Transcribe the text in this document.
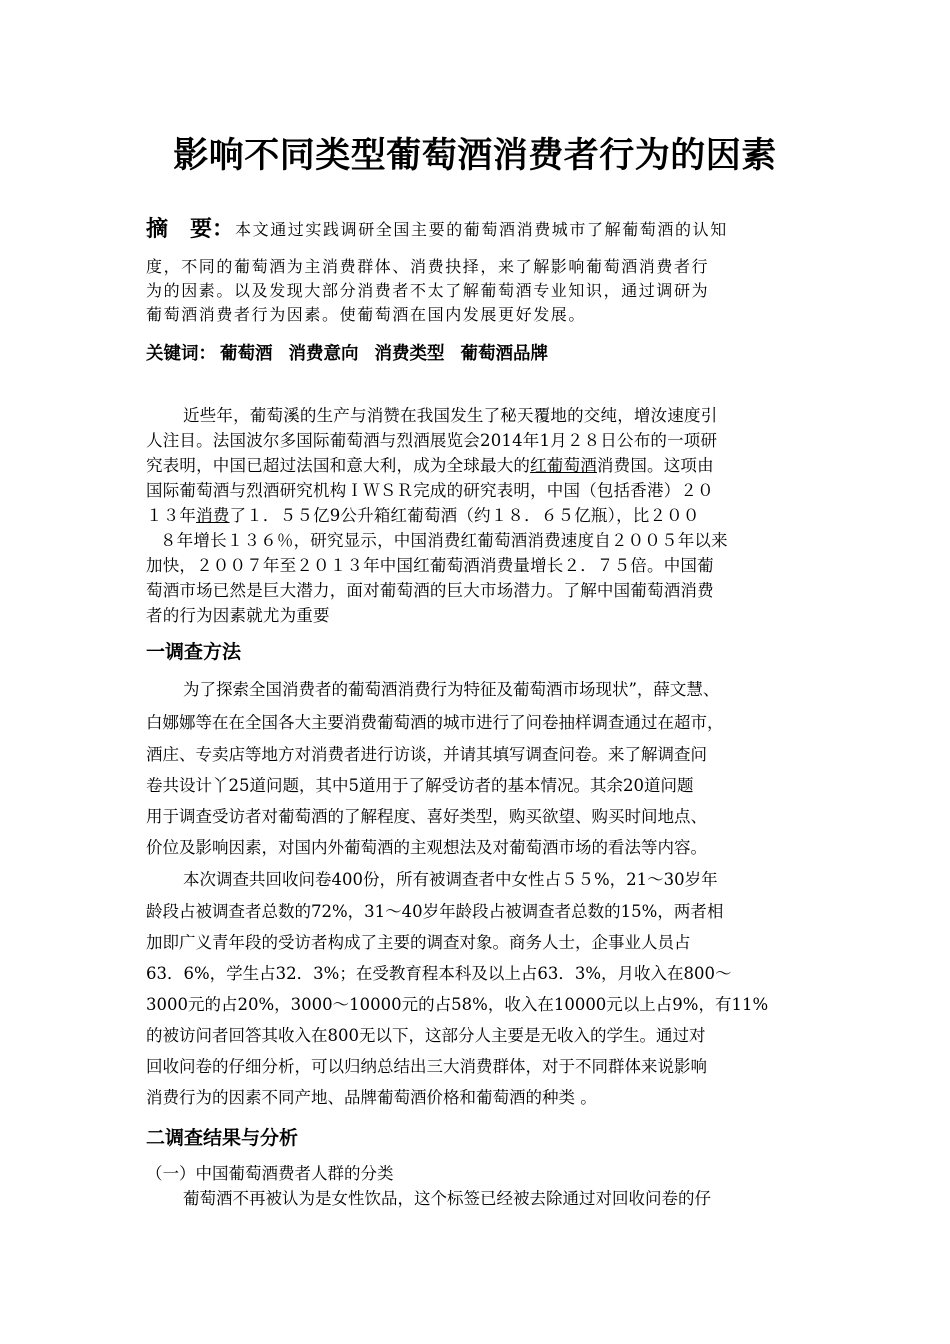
影响不同类型葡萄酒消费者行为的因素
摘　要： 本文通过实践调研全国主要的葡萄酒消费城市了解葡萄酒的认知
度，不同的葡萄酒为主消费群体、消费抉择，来了解影响葡萄酒消费者行
为的因素。以及发现大部分消费者不太了解葡萄酒专业知识，通过调研为
葡萄酒消费者行为因素。使葡萄酒在国内发展更好发展。
关键词： 葡萄酒 消费意向 消费类型 葡萄酒品牌
近些年，葡萄溪的生产与消赞在我国发生了秘天覆地的交纯，增汝速度引
人注目。法国波尔多国际葡萄酒与烈酒展览会2014年1月２８日公布的一项研
究表明，中国已超过法国和意大利，成为全球最大的红葡萄酒消费国。这项由
国际葡萄酒与烈酒研究机构ＩＷＳＲ完成的研究表明，中国（包括香港）２０
１３年消费了１．５５亿9公升箱红葡萄酒（约１８．６５亿瓶），比２００
８年增长１３６％，研究显示，中国消费红葡萄酒消费速度自２００５年以来
加快，２００７年至２０１３年中国红葡萄酒消费量增长２．７５倍。中国葡
萄酒市场已然是巨大潜力，面对葡萄酒的巨大市场潜力。了解中国葡萄酒消费
者的行为因素就尤为重要
一调查方法
为了探索全国消费者的葡萄酒消费行为特征及葡萄酒市场现状”，薛文慧、
白娜娜等在在全国各大主要消费葡萄酒的城市进行了问卷抽样调查通过在超市，
酒庄、专卖店等地方对消费者进行访谈，并请其填写调查问卷。来了解调查问
卷共设计丫25道问题，其中5道用于了解受访者的基本情况。其余20道问题
用于调查受访者对葡萄酒的了解程度、喜好类型，购买欲望、购买时间地点、
价位及影响因素，对国内外葡萄酒的主观想法及对葡萄酒市场的看法等内容。
本次调查共回收问卷400份，所有被调查者中女性占５５%，21～30岁年
龄段占被调查者总数的72%，31～40岁年龄段占被调查者总数的15%，两者相
加即广义青年段的受访者构成了主要的调查对象。商务人士，企事业人员占
63．6%，学生占32．3%；在受教育程本科及以上占63．3%，月收入在800～
3000元的占20%，3000～10000元的占58%，收入在10000元以上占9%，有11%
的被访问者回答其收入在800无以下，这部分人主要是无收入的学生。通过对
回收问卷的仔细分析，可以归纳总结出三大消费群体，对于不同群体来说影响
消费行为的因素不同产地、品牌葡萄酒价格和葡萄酒的种类 。
二调查结果与分析
（一）中国葡萄酒费者人群的分类
葡萄酒不再被认为是女性饮品，这个标签已经被去除通过对回收问卷的仔
